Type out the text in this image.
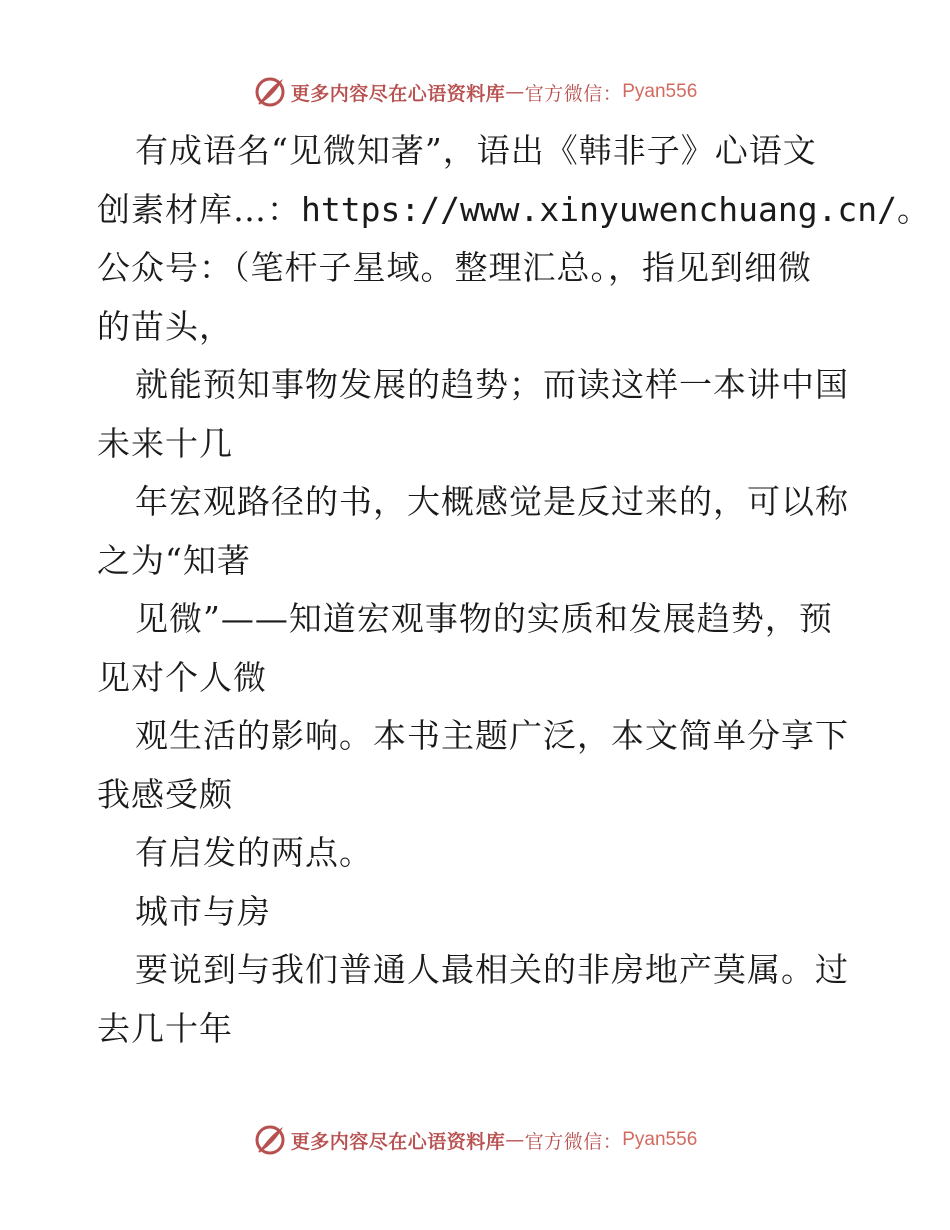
更多内容尽在心语资料库 — 官方微信： Pyan556
有成语名“见微知著”，语出《韩非子》心语文
创素材库…：https://www.xinyuwenchuang.cn/。
公众号：（笔杆子星域。整理汇总。，指见到细微
的苗头，
就能预知事物发展的趋势；而读这样一本讲中国
未来十几
年宏观路径的书，大概感觉是反过来的，可以称
之为“知著
见微”——知道宏观事物的实质和发展趋势，预
见对个人微
观生活的影响。本书主题广泛，本文简单分享下
我感受颇
有启发的两点。
城市与房
要说到与我们普通人最相关的非房地产莫属。过
去几十年
更多内容尽在心语资料库 — 官方微信： Pyan556
